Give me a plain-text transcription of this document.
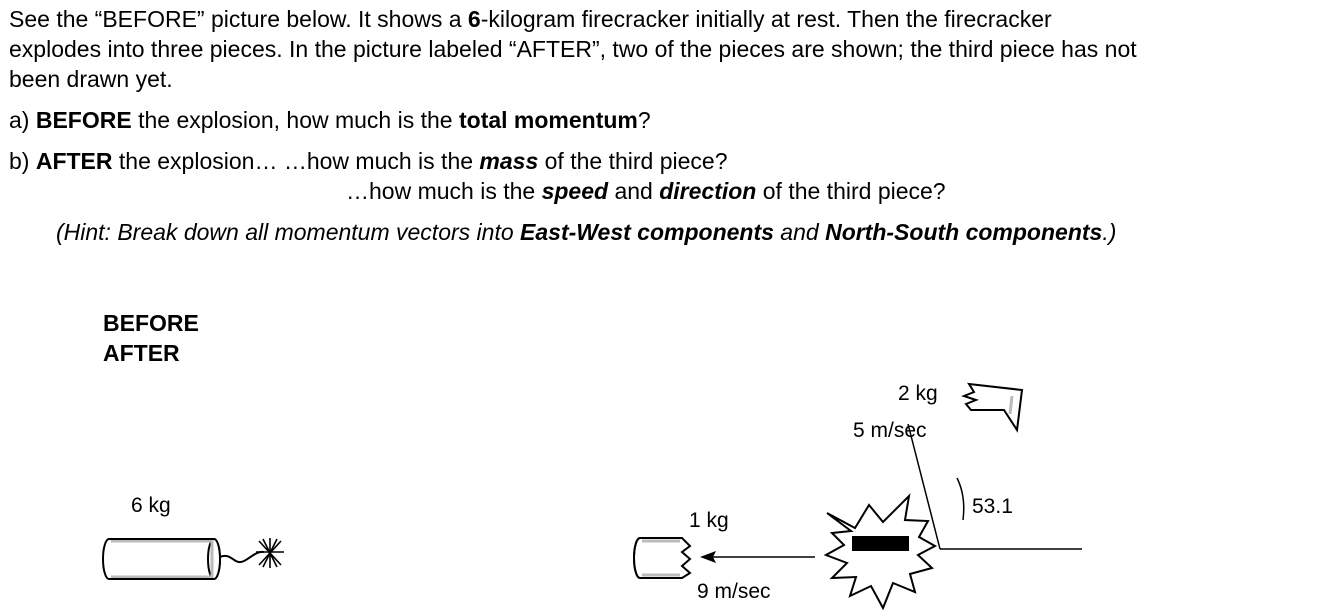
See the “BEFORE” picture below. It shows a 6-kilogram firecracker initially at rest. Then the firecracker
explodes into three pieces. In the picture labeled “AFTER”, two of the pieces are shown; the third piece has not
been drawn yet.
a) BEFORE the explosion, how much is the total momentum?
b) AFTER the explosion… …how much is the mass of the third piece?
…how much is the speed and direction of the third piece?
(Hint: Break down all momentum vectors into East-West components and North-South components.)
BEFORE
AFTER
6 kg
1 kg
9 m/sec
2 kg
5 m/sec
53.1
